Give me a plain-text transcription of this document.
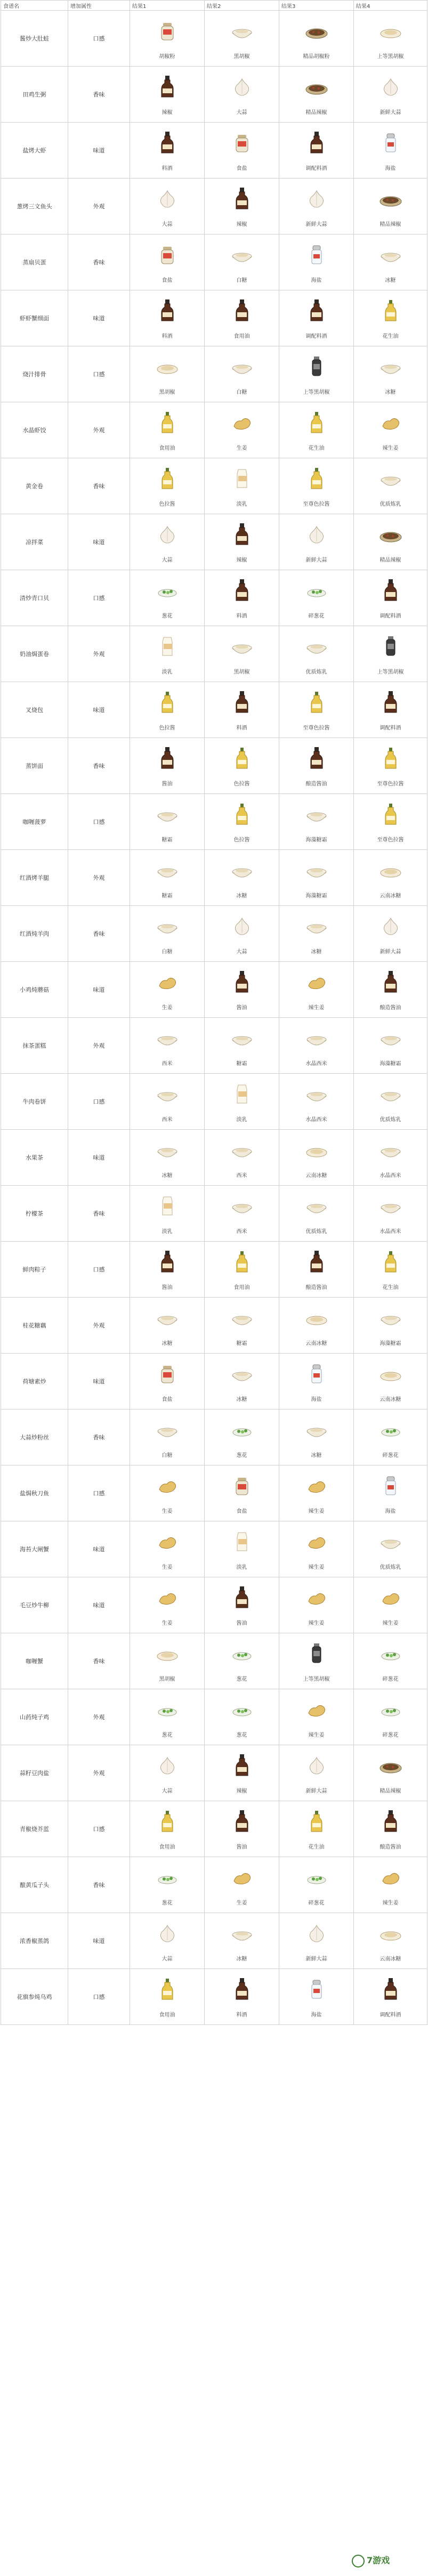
食谱名	增加属性	结果1	结果2	结果3	结果4
酱炒大肚蛙	口感	胡椒粉	黑胡椒	精品胡椒粉	上等黑胡椒

田鸡生粥	香味	辣椒	大蒜	精品辣椒	新鲜大蒜

盐烤大虾	味道	料酒	食盐	调配料酒	海盐

葱烤三文鱼头	外观	大蒜	辣椒	新鲜大蒜	精品辣椒

蒸扇贝蛋	香味	食盐	白糖	海盐	冰糖

虾虾蟹细面	味道	料酒	食用油	调配料酒	花生油

烧汁排骨	口感	黑胡椒	白糖	上等黑胡椒	冰糖

水晶虾饺	外观	食用油	生姜	花生油	辣生姜

黄金卷	香味	色拉酱	淡乳	至尊色拉酱	优质炼乳

凉拌菜	味道	大蒜	辣椒	新鲜大蒜	精品辣椒

清炒青口贝	口感	葱花	料酒	碎葱花	调配料酒

奶油焗蛋卷	外观	淡乳	黑胡椒	优质炼乳	上等黑胡椒

叉烧包	味道	色拉酱	料酒	至尊色拉酱	调配料酒

蒸饼面	香味	酱油	色拉酱	酿造酱油	至尊色拉酱

咖喱菠萝	口感	糖霜	色拉酱	海藻糖霜	至尊色拉酱

红酒烤羊腿	外观	糖霜	冰糖	海藻糖霜	云南冰糖

红酒炖羊肉	香味	白糖	大蒜	冰糖	新鲜大蒜

小鸡炖蘑菇	味道	生姜	酱油	辣生姜	酿造酱油

抹茶蛋糕	外观	西米	糖霜	水晶西米	海藻糖霜

牛肉卷饼	口感	西米	淡乳	水晶西米	优质炼乳

水果茶	味道	冰糖	西米	云南冰糖	水晶西米

柠檬茶	香味	淡乳	西米	优质炼乳	水晶西米

鲜肉粽子	口感	酱油	食用油	酿造酱油	花生油

桂花糖藕	外观	冰糖	糖霜	云南冰糖	海藻糖霜

荷塘素炒	味道	食盐	冰糖	海盐	云南冰糖

大蒜炒粉丝	香味	白糖	葱花	冰糖	碎葱花

盐焗秋刀鱼	口感	生姜	食盐	辣生姜	海盐

海苔大闸蟹	味道	生姜	淡乳	辣生姜	优质炼乳

毛豆炒牛柳	味道	生姜	酱油	辣生姜	辣生姜

咖喱蟹	香味	黑胡椒	葱花	上等黑胡椒	碎葱花

山药炖子鸡	外观	葱花	葱花	辣生姜	碎葱花

蒜籽豆肉盐	外观	大蒜	辣椒	新鲜大蒜	精品辣椒

青椒烧芥蓝	口感	食用油	酱油	花生油	酿造酱油

酿黄瓜子头	香味	葱花	生姜	碎葱花	辣生姜

浓香椒蒸鸽	味道	大蒜	冰糖	新鲜大蒜	云南冰糖

花旗参炖乌鸡	口感	食用油	料酒	海盐	调配料酒
7游戏
